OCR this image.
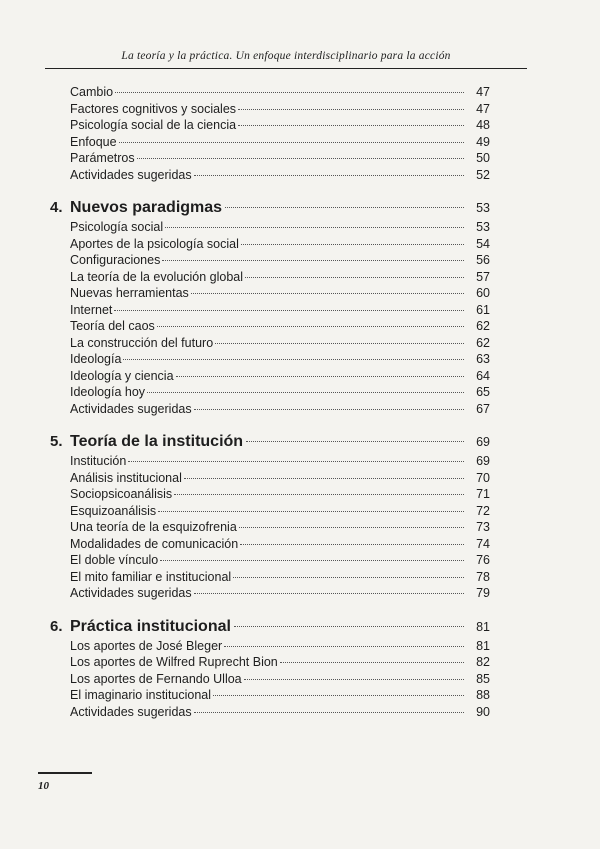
La teoría y la práctica. Un enfoque interdisciplinario para la acción
Cambio	47
Factores cognitivos y sociales	47
Psicología social de la ciencia	48
Enfoque	49
Parámetros	50
Actividades sugeridas	52
4. Nuevos paradigmas	53
Psicología social	53
Aportes de la psicología social	54
Configuraciones	56
La teoría de la evolución global	57
Nuevas herramientas	60
Internet	61
Teoría del caos	62
La construcción del futuro	62
Ideología	63
Ideología y ciencia	64
Ideología hoy	65
Actividades sugeridas	67
5. Teoría de la institución	69
Institución	69
Análisis institucional	70
Sociopsicoanálisis	71
Esquizoanálisis	72
Una teoría de la esquizofrenia	73
Modalidades de comunicación	74
El doble vínculo	76
El mito familiar e institucional	78
Actividades sugeridas	79
6. Práctica institucional	81
Los aportes de José Bleger	81
Los aportes de Wilfred Ruprecht Bion	82
Los aportes de Fernando Ulloa	85
El imaginario institucional	88
Actividades sugeridas	90
10
